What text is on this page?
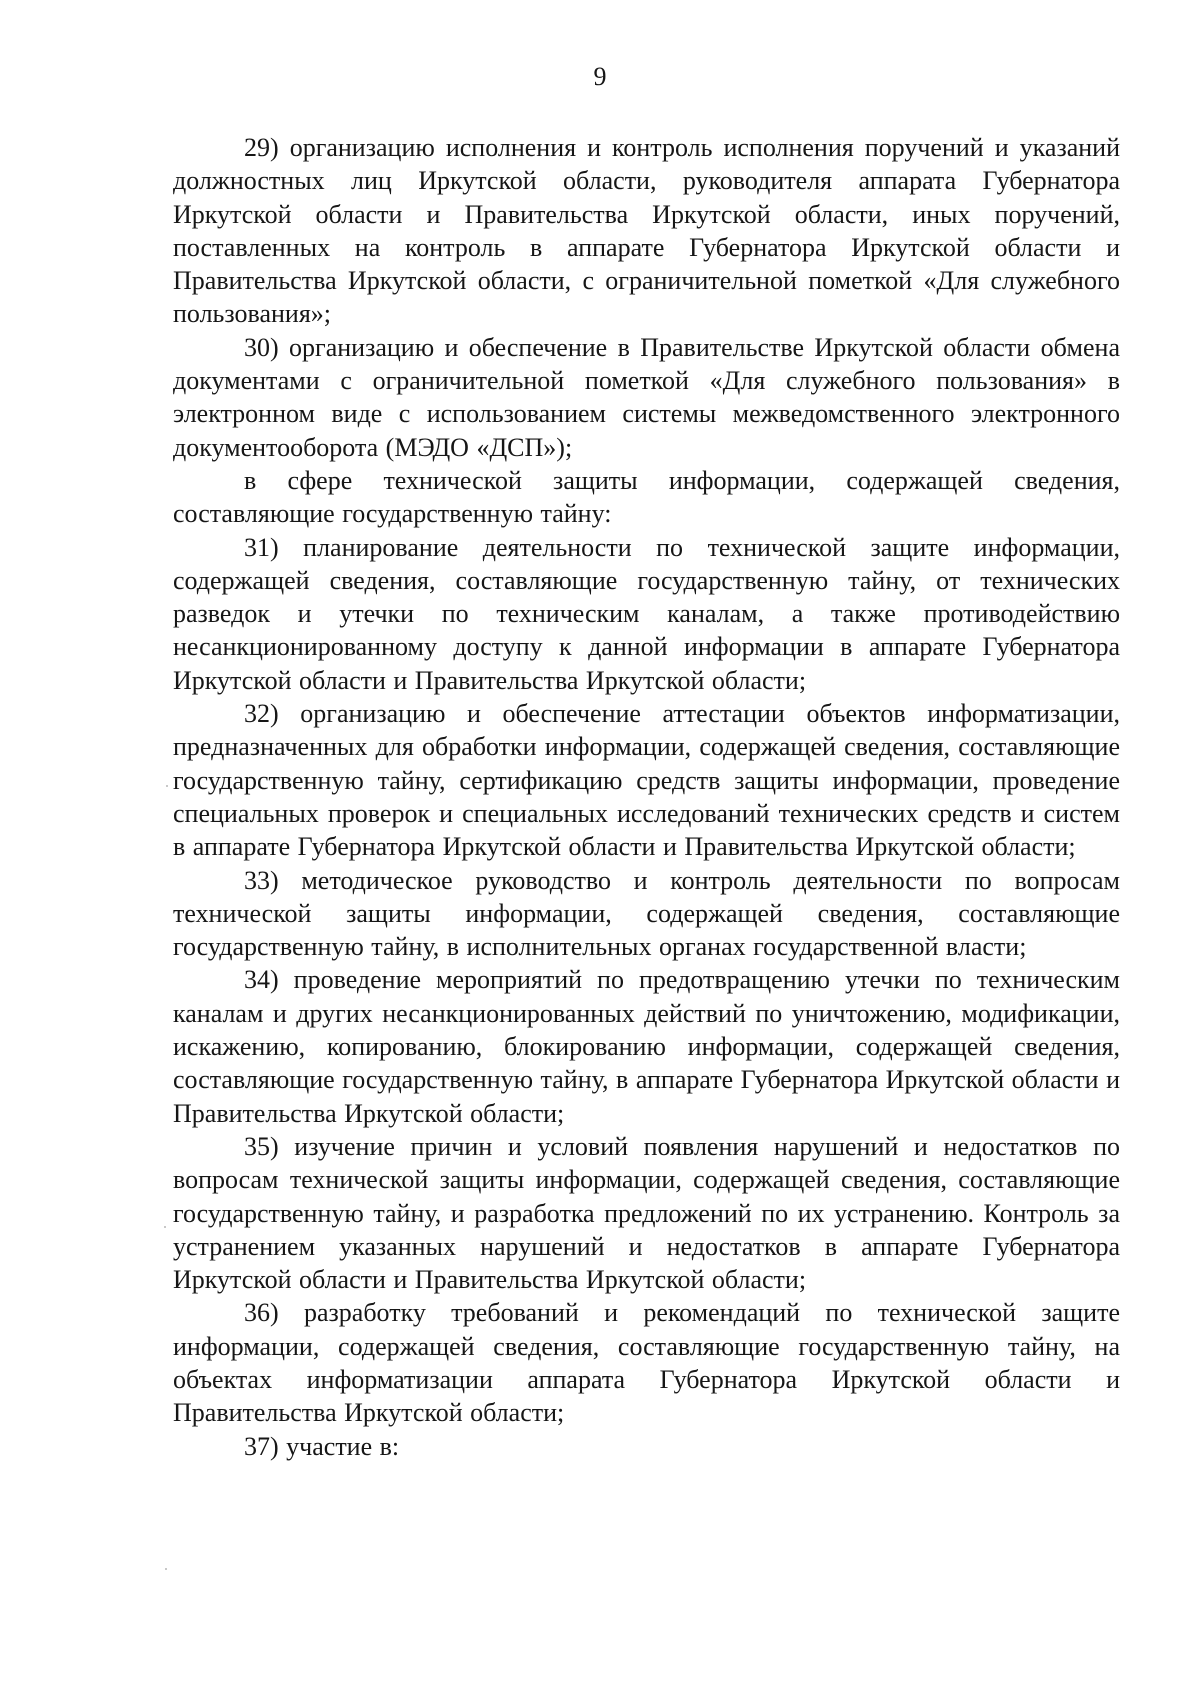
9

29) организацию исполнения и контроль исполнения поручений и указаний должностных лиц Иркутской области, руководителя аппарата Губернатора Иркутской области и Правительства Иркутской области, иных поручений, поставленных на контроль в аппарате Губернатора Иркутской области и Правительства Иркутской области, с ограничительной пометкой «Для служебного пользования»;

30) организацию и обеспечение в Правительстве Иркутской области обмена документами с ограничительной пометкой «Для служебного пользования» в электронном виде с использованием системы межведомственного электронного документооборота (МЭДО «ДСП»);

в сфере технической защиты информации, содержащей сведения, составляющие государственную тайну:

31) планирование деятельности по технической защите информации, содержащей сведения, составляющие государственную тайну, от технических разведок и утечки по техническим каналам, а также противодействию несанкционированному доступу к данной информации в аппарате Губернатора Иркутской области и Правительства Иркутской области;

32) организацию и обеспечение аттестации объектов информатизации, предназначенных для обработки информации, содержащей сведения, составляющие государственную тайну, сертификацию средств защиты информации, проведение специальных проверок и специальных исследований технических средств и систем в аппарате Губернатора Иркутской области и Правительства Иркутской области;

33) методическое руководство и контроль деятельности по вопросам технической защиты информации, содержащей сведения, составляющие государственную тайну, в исполнительных органах государственной власти;

34) проведение мероприятий по предотвращению утечки по техническим каналам и других несанкционированных действий по уничтожению, модификации, искажению, копированию, блокированию информации, содержащей сведения, составляющие государственную тайну, в аппарате Губернатора Иркутской области и Правительства Иркутской области;

35) изучение причин и условий появления нарушений и недостатков по вопросам технической защиты информации, содержащей сведения, составляющие государственную тайну, и разработка предложений по их устранению. Контроль за устранением указанных нарушений и недостатков в аппарате Губернатора Иркутской области и Правительства Иркутской области;

36) разработку требований и рекомендаций по технической защите информации, содержащей сведения, составляющие государственную тайну, на объектах информатизации аппарата Губернатора Иркутской области и Правительства Иркутской области;

37) участие в:
